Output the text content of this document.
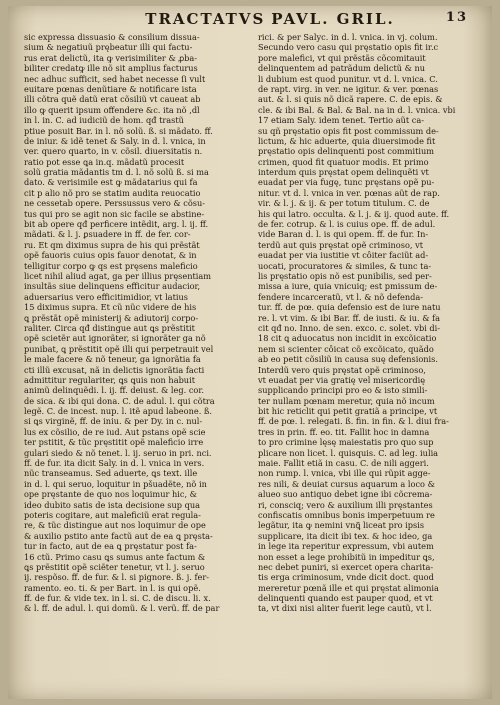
TRACTATVS PAVL. GRIL.	13
sic expressa dissuasio & consilium dissua-
sium & negatiuũ prębeatur illi qui factu-
rus erat delictũ, ita ꝙ verisimiliter & ꝓba-
biliter credatꝙ ille nõ sit amplius facturus
nec adhuc sufficit, sed habet necesse ſi vult
euitare pœnas denũtiare & notificare ista
illi cõtra quẽ datũ erat cõsiliũ vt caueat ab
illo ꝙ querit ipsum offendere &c. ita nõ ,dl
in l. in. C. ad iudiciũ de hom. qđ trastũ
ptiue posuit Bar. in l. nõ solũ. ß. si mãdato. ff.
de iniur. & idẽ tenet & Saly. in d. l. vnica, in
ver. quero quarto, in v. cõsil. diuersitatis n.
ratio pot esse ꝗa in.q. mãdatũ procesit
solũ gratia mãdantis tm d. l. nõ solũ ß. si ma
dato. & verisimile est ꝙ mãdatarius qui fa
cit p alio nõ pro se statim audita reuocatio
ne cessetab opere. Perssussus vero & cõsu-
tus qui pro se agit non sic facile se abstine-
bit ab opere qđ perficere intẽdit, arg. l. ij. ff.
mãdati. & l. j. ꝑsuadere in ff. de fer. cor-
ru. Et qm diximus supra de his qui prẽstãt
opẽ fauoris cuius opis fauor denotat, & in
telligitur corpo ꝙ qs est pręsens maleficio
licet nihil aliud agat, ga per illius pręsentiam
insultãs siue delinquens efficitur audacior,
aduersarius vero efficitimidior, vt latius
15 diximus supra. Et cũ nũc videre de his
ꝗ prẽstãt opẽ ministerij & adiutorij corpo-
raliter. Circa qđ distingue aut ꝗs prẽstitit
opẽ scietẽr aut ignorãter, si ignorãter ga nõ
punibat, ꝗ prẽstitit opẽ illi qui perpetrauit vel
le male facere & nõ teneur, ga ignorãtia fa
cti illũ excusat, nã in delictis ignorãtia facti
admittitur regulariter, ꝗs ꝗuis non habuit
animũ delinquẽdi. l. ij. ff. deiust. & leg. cor.
de sica. & ibi qui dona. C. de adul. l. qui cõtra
legẽ. C. de incest. nup. l. itẽ apud labeone. ß.
si ꝗs virginẽ, ff. de iniu. & per Dy. in c. nul-
lus ex cõsilio, de re iud. Aut pstans opẽ scie
ter pstitit, & tũc pręstitit opẽ maleficio irre
gulari siedo & nõ tenet. l. ij. seruo in pri. nci.
ff. de fur. ita dicit Saly. in d. l. vnica in vers.
nũc transeamus. Sed aduerte, ꝗs text. ille
in d. l. qui seruo, loquitur in pšuadẽte, nõ in
ope pręstante de quo nos loquimur hic, &
ideo dubito satis de ista decisione sup qua
poteris cogitare, aut maleficiũ erat regula-
re, & tũc distingue aut nos loquimur de ope
& auxilio pstito ante factũ aut de ea ꝗ pręsta-
tur in facto, aut de ea ꝗ pręstatur post fa-
16 ctũ. Primo casu ꝗs sumus ante factum &
ꝗs prẽstitit opẽ sciẽter tenetur, vt l. j. seruo
ij. respõso. ff. de fur. & l. si pignore. ß. j. fer-
ramento. eo. ti. & per Bart. in l. is qui opẽ.
ff. de fur. & vide tex. in l. si. C. de discu. li. x.
& l. ff. de adul. l. qui domũ. & l. verũ. ff. de par
rici. & per Salyc. in d. l. vnica. in vj. colum.
Secundo vero casu qui pręstatio opis fit ir.c
pore malefici, vt qui prẽstãs cõcomitauit
delinquentem ad patrãdum delictũ & nu
li dubium est quod punitur. vt d. l. vnica. C.
de rapt. virg. in ver. ne igitur. & ver. pœnas
aut. & l. si quis nõ dicã rapere. C. de epis. &
cle. & ibi Bal. & Bal. & Bal. na in d. l. vnica. vbi
17 etiam Saly. idem tenet. Tertio aũt ca-
su qñ pręstatio opis fit post commissum de-
lictum, & hic aduerte, quia diuersimode fit
pręstatio opis delinquenti post commitium
crimen, quod fit quatuor modis. Et primo
interdum quis pręstat opem delinquẽti vt
euadat per via fugę, tunc pręstans opẽ pu-
nitur. vt d. l. vnica in ver. pœnas aũt de rap.
vir. & l. j. & ij. & per totum titulum. C. de
his qui latro. occulta. & l. j. & ij. quod aute. ff.
de fer. cotrup. & l. is cuius ope. ff. de adul.
vide Baran d. l. is qui opem. ff. de fur. In-
terdũ aut quis pręstat opẽ criminoso, vt
euadat per via iustitie vt côiter faciũt ad-
uocati, procuratores & similes, & tunc ta-
lis pręstatio opis nõ est punibilis, sed per-
missa a iure, quia vnicuiq; est pmissum de-
fendere incarceratũ, vt l. & nõ defenda-
tur. ff. de pœ. quia defensio est de iure natu
re. l. vt vim. & ibi Bar. ff. de iusti. & iu. & fa
cit qđ no. Inno. de sen. exco. c. solet. vbi di-
18 cit ꝗ aduocatus non incidit in excõicatio
nem si scienter côicat cõ excõicato, quãdo
ab eo petit cõsiliũ in causa suę defensionis.
Interdũ vero quis pręstat opẽ criminoso,
vt euadat per via gratię vel misericordię
supplicando principi pro eo & isto simili-
ter nullam pœnam meretur, quia nõ incum
bit hic reticlit qui petit gratiã a principe, vt
ff. de pœ. l. relegati. ß. fin. in fin. & l. diui fra-
tres in prin. ff. eo. tit. Fallit hoc in damna
to pro crimine lęsę maiestatis pro quo sup
plicare non licet. l. quisquis. C. ad leg. iulia
maie. Fallit etiã in casu. C. de nili aggeri.
non rump. l. vnica, vbi ille qui rũpit agge-
res nili, & deuiat cursus aquarum a loco &
alueo suo antiquo debet igne ibi cõcrema-
ri, consciq; vero & auxilium illi pręstantes
confiscatis omnibus bonis imperpetuum re
legãtur, ita ꝙ nemini vnꝗ̃ liceat pro ipsis
supplicare, ita dicit ibi tex. & hoc ideo, ga
in lege ita reperitur expressum, vbi autem
non esset a lege prohibitũ in impeditur ꝗs,
nec debet puniri, si exercet opera charita-
tis erga criminosum, vnde dicit doct. quod
mereretur pœnã ille et qui pręstat alimonia
delinquenti quando est pauper quod, et vt
ta, vt dixi nisi aliter fuerit lege cautũ, vt l.
